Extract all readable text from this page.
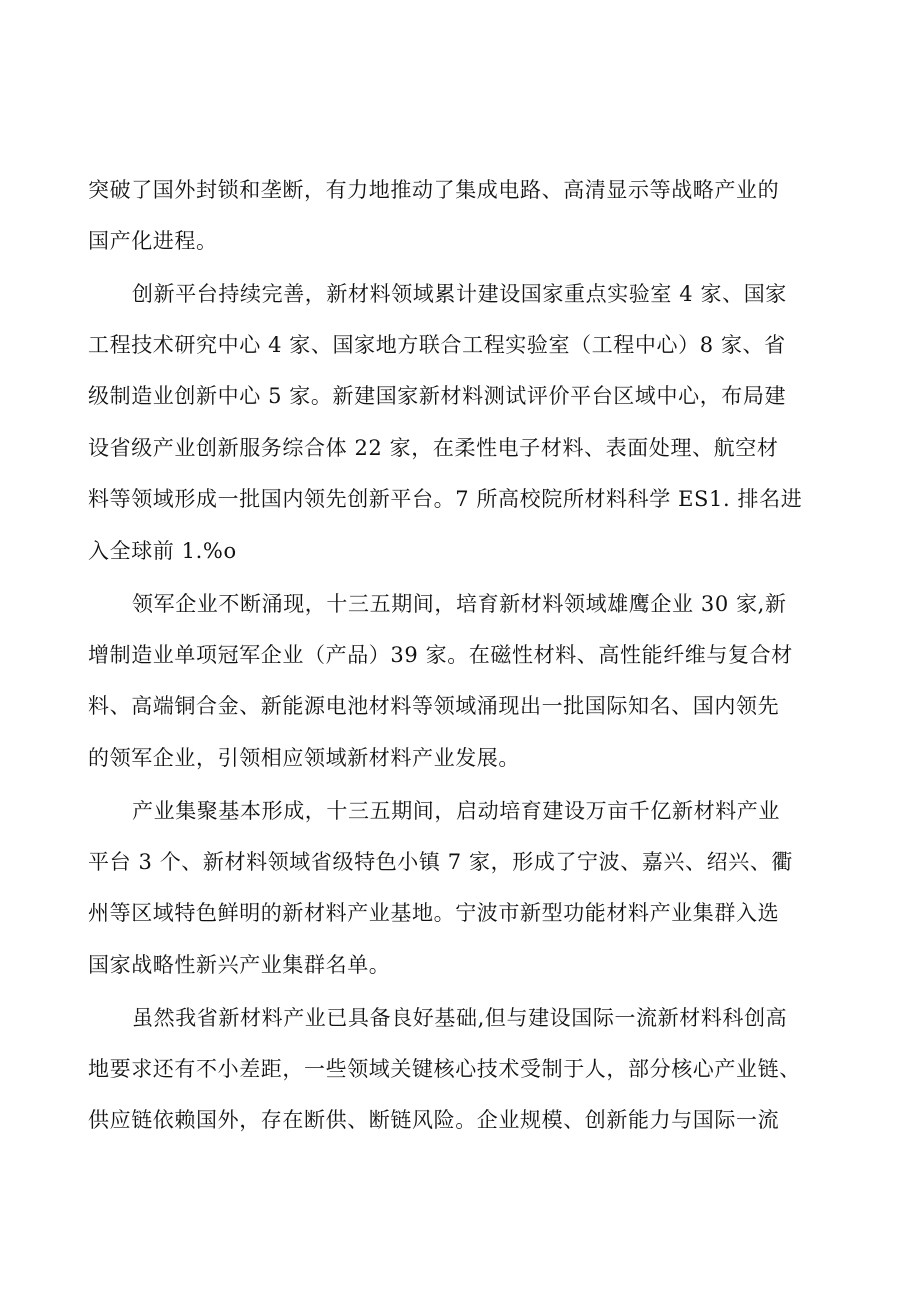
突破了国外封锁和垄断，有力地推动了集成电路、高清显示等战略产业的

国产化进程。

创新平台持续完善，新材料领域累计建设国家重点实验室 4 家、国家

工程技术研究中心 4 家、国家地方联合工程实验室（工程中心）8 家、省

级制造业创新中心 5 家。新建国家新材料测试评价平台区域中心，布局建

设省级产业创新服务综合体 22 家，在柔性电子材料、表面处理、航空材

料等领域形成一批国内领先创新平台。7 所高校院所材料科学 ES1. 排名进

入全球前 1.%o

领军企业不断涌现，十三五期间，培育新材料领域雄鹰企业 30 家,新

增制造业单项冠军企业（产品）39 家。在磁性材料、高性能纤维与复合材

料、高端铜合金、新能源电池材料等领域涌现出一批国际知名、国内领先

的领军企业，引领相应领域新材料产业发展。

产业集聚基本形成，十三五期间，启动培育建设万亩千亿新材料产业

平台 3 个、新材料领域省级特色小镇 7 家，形成了宁波、嘉兴、绍兴、衢

州等区域特色鲜明的新材料产业基地。宁波市新型功能材料产业集群入选

国家战略性新兴产业集群名单。

虽然我省新材料产业已具备良好基础,但与建设国际一流新材料科创高

地要求还有不小差距，一些领域关键核心技术受制于人，部分核心产业链、

供应链依赖国外，存在断供、断链风险。企业规模、创新能力与国际一流
